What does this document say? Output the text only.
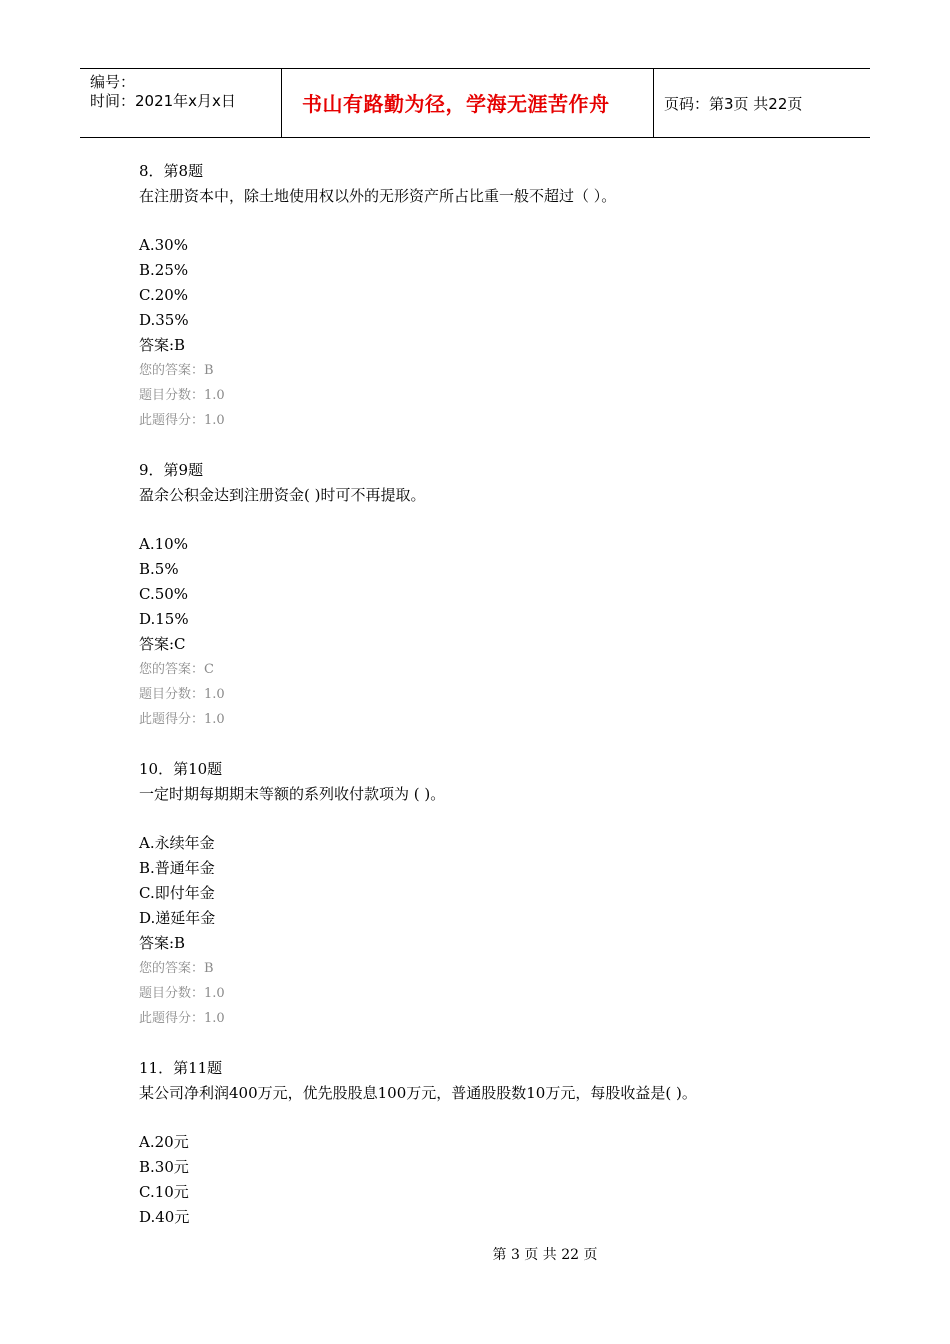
编号：
时间：2021年x月x日	书山有路勤为径，学海无涯苦作舟	页码：第3页 共22页
8．第8题
在注册资本中，除土地使用权以外的无形资产所占比重一般不超过（ ）。
A.30%
B.25%
C.20%
D.35%
答案:B
您的答案：B
题目分数：1.0
此题得分：1.0
9．第9题
盈余公积金达到注册资金( )时可不再提取。
A.10%
B.5%
C.50%
D.15%
答案:C
您的答案：C
题目分数：1.0
此题得分：1.0
10．第10题
一定时期每期期末等额的系列收付款项为 ( )。
A.永续年金
B.普通年金
C.即付年金
D.递延年金
答案:B
您的答案：B
题目分数：1.0
此题得分：1.0
11．第11题
某公司净利润400万元，优先股股息100万元，普通股股数10万元，每股收益是( )。
A.20元
B.30元
C.10元
D.40元
第 3 页 共 22 页
